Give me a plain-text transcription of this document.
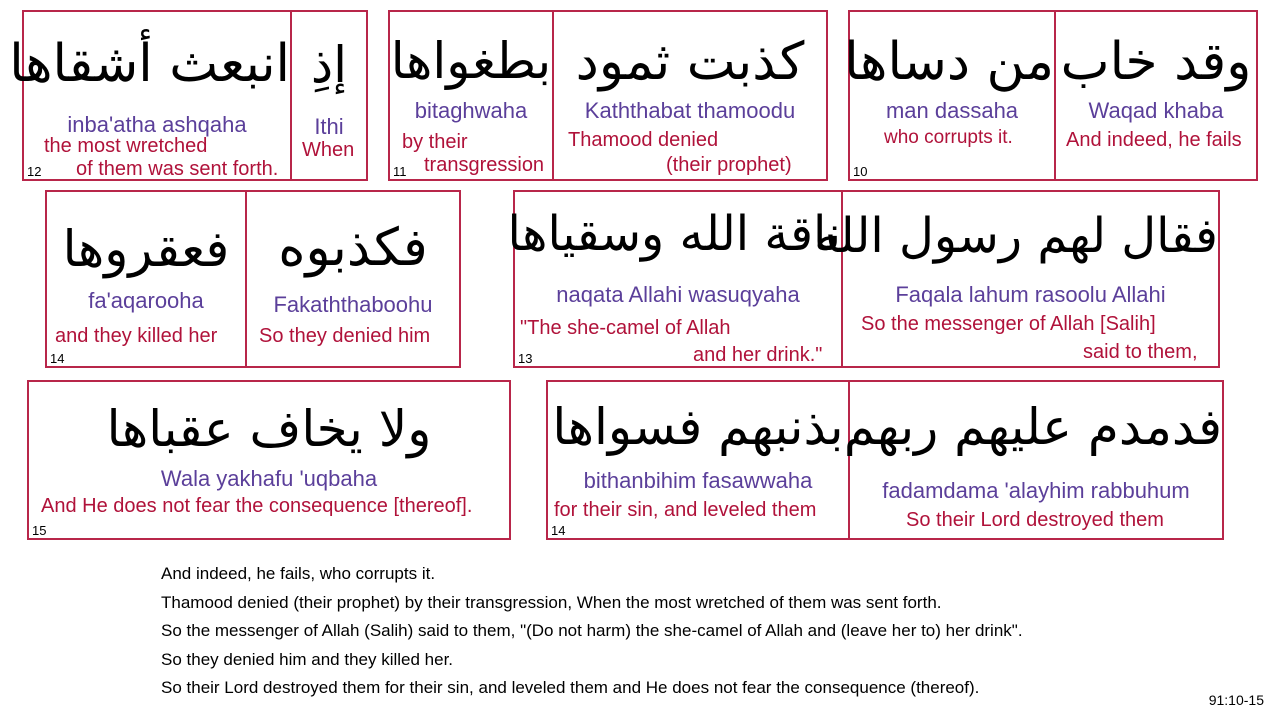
انبعث أشقاها
inba'atha ashqaha
the most wretched
of them was sent forth.
إذِ
Ithi
When
12
بطغواها
bitaghwaha
by their
transgression
كذبت ثمود
Kaththabat thamoodu
Thamood denied
(their prophet)
11
من دساها
man dassaha
who corrupts it.
وقد خاب
Waqad khaba
And indeed, he fails
10
فعقروها
fa'aqarooha
and they killed her
فكذبوه
Fakaththaboohu
So they denied him
14
ناقة الله وسقياها
naqata Allahi wasuqyaha
"The she-camel of Allah
and her drink."
فقال لهم رسول الله
Faqala lahum rasoolu Allahi
So the messenger of Allah [Salih]
said to them,
13
ولا يخاف عقباها
Wala yakhafu 'uqbaha
And He does not fear the consequence [thereof].
15
بذنبهم فسواها
bithanbihim fasawwaha
for their sin, and leveled them
فدمدم عليهم ربهم
fadamdama 'alayhim rabbuhum
So their Lord destroyed them
14
And indeed, he fails, who corrupts it.
Thamood denied (their prophet) by their transgression, When the most wretched of them was sent forth.
So the messenger of Allah (Salih) said to them, "(Do not harm) the she-camel of Allah and (leave her to) her drink".
So they denied him and they killed her.
So their Lord destroyed them for their sin, and leveled them and He does not fear the consequence (thereof).
91:10-15
